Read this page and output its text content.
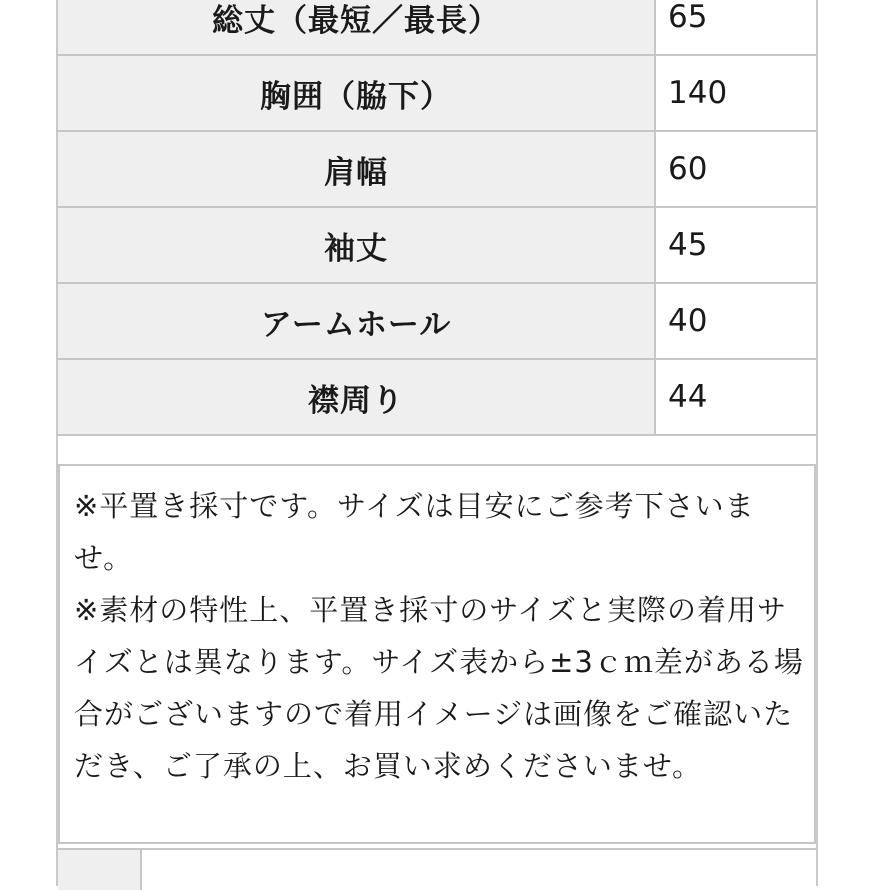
総丈（最短／最長）	65
胸囲（脇下）	140
肩幅	60
袖丈	45
アームホール	40
襟周り	44

※平置き採寸です。サイズは目安にご参考下さいませ。

※素材の特性上、平置き採寸のサイズと実際の着用サイズとは異なります。サイズ表から±3ｃｍ差がある場合がございますので着用イメージは画像をご確認いただき、ご了承の上、お買い求めくださいませ。
